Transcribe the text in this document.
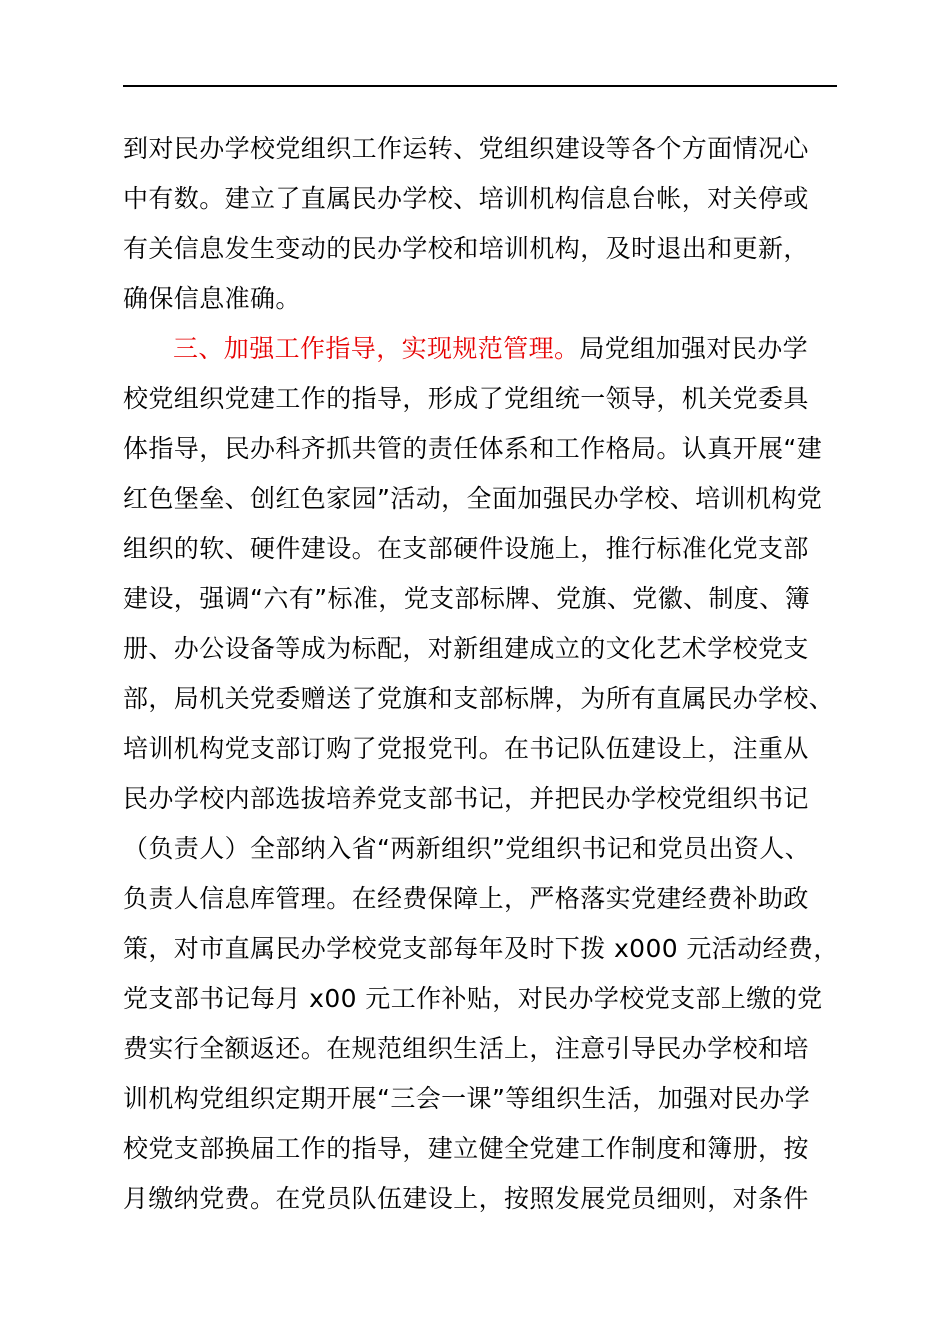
到对民办学校党组织工作运转、党组织建设等各个方面情况心
中有数。建立了直属民办学校、培训机构信息台帐，对关停或
有关信息发生变动的民办学校和培训机构，及时退出和更新，
确保信息准确。
三、加强工作指导，实现规范管理。局党组加强对民办学
校党组织党建工作的指导，形成了党组统一领导，机关党委具
体指导，民办科齐抓共管的责任体系和工作格局。认真开展“建
红色堡垒、创红色家园”活动，全面加强民办学校、培训机构党
组织的软、硬件建设。在支部硬件设施上，推行标准化党支部
建设，强调“六有”标准，党支部标牌、党旗、党徽、制度、簿
册、办公设备等成为标配，对新组建成立的文化艺术学校党支
部，局机关党委赠送了党旗和支部标牌，为所有直属民办学校、
培训机构党支部订购了党报党刊。在书记队伍建设上，注重从
民办学校内部选拔培养党支部书记，并把民办学校党组织书记
（负责人）全部纳入省“两新组织”党组织书记和党员出资人、
负责人信息库管理。在经费保障上，严格落实党建经费补助政
策，对市直属民办学校党支部每年及时下拨 x000 元活动经费，
党支部书记每月 x00 元工作补贴，对民办学校党支部上缴的党
费实行全额返还。在规范组织生活上，注意引导民办学校和培
训机构党组织定期开展“三会一课”等组织生活，加强对民办学
校党支部换届工作的指导，建立健全党建工作制度和簿册，按
月缴纳党费。在党员队伍建设上，按照发展党员细则，对条件
